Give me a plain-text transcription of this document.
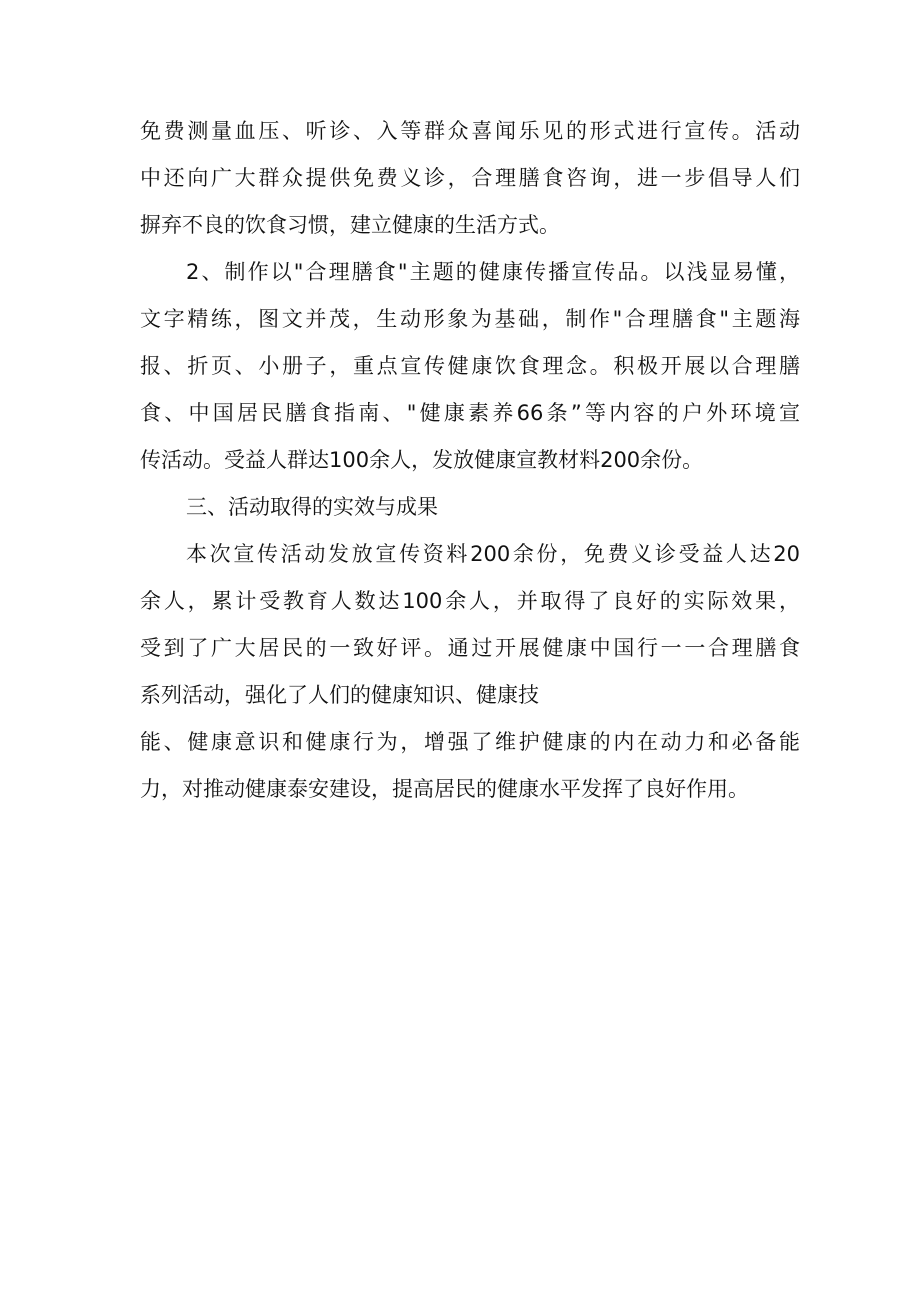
免费测量血压、听诊、入等群众喜闻乐见的形式进行宣传。活动
中还向广大群众提供免费义诊，合理膳食咨询，进一步倡导人们
摒弃不良的饮食习惯，建立健康的生活方式。
2、制作以"合理膳食"主题的健康传播宣传品。以浅显易懂，
文字精练，图文并茂，生动形象为基础，制作"合理膳食"主题海
报、折页、小册子，重点宣传健康饮食理念。积极开展以合理膳
食、中国居民膳食指南、"健康素养66条”等内容的户外环境宣
传活动。受益人群达100余人，发放健康宣教材料200余份。
三、活动取得的实效与成果
本次宣传活动发放宣传资料200余份，免费义诊受益人达20
余人，累计受教育人数达100余人，并取得了良好的实际效果，
受到了广大居民的一致好评。通过开展健康中国行一一合理膳食
系列活动，强化了人们的健康知识、健康技
能、健康意识和健康行为，增强了维护健康的内在动力和必备能
力，对推动健康泰安建设，提高居民的健康水平发挥了良好作用。
